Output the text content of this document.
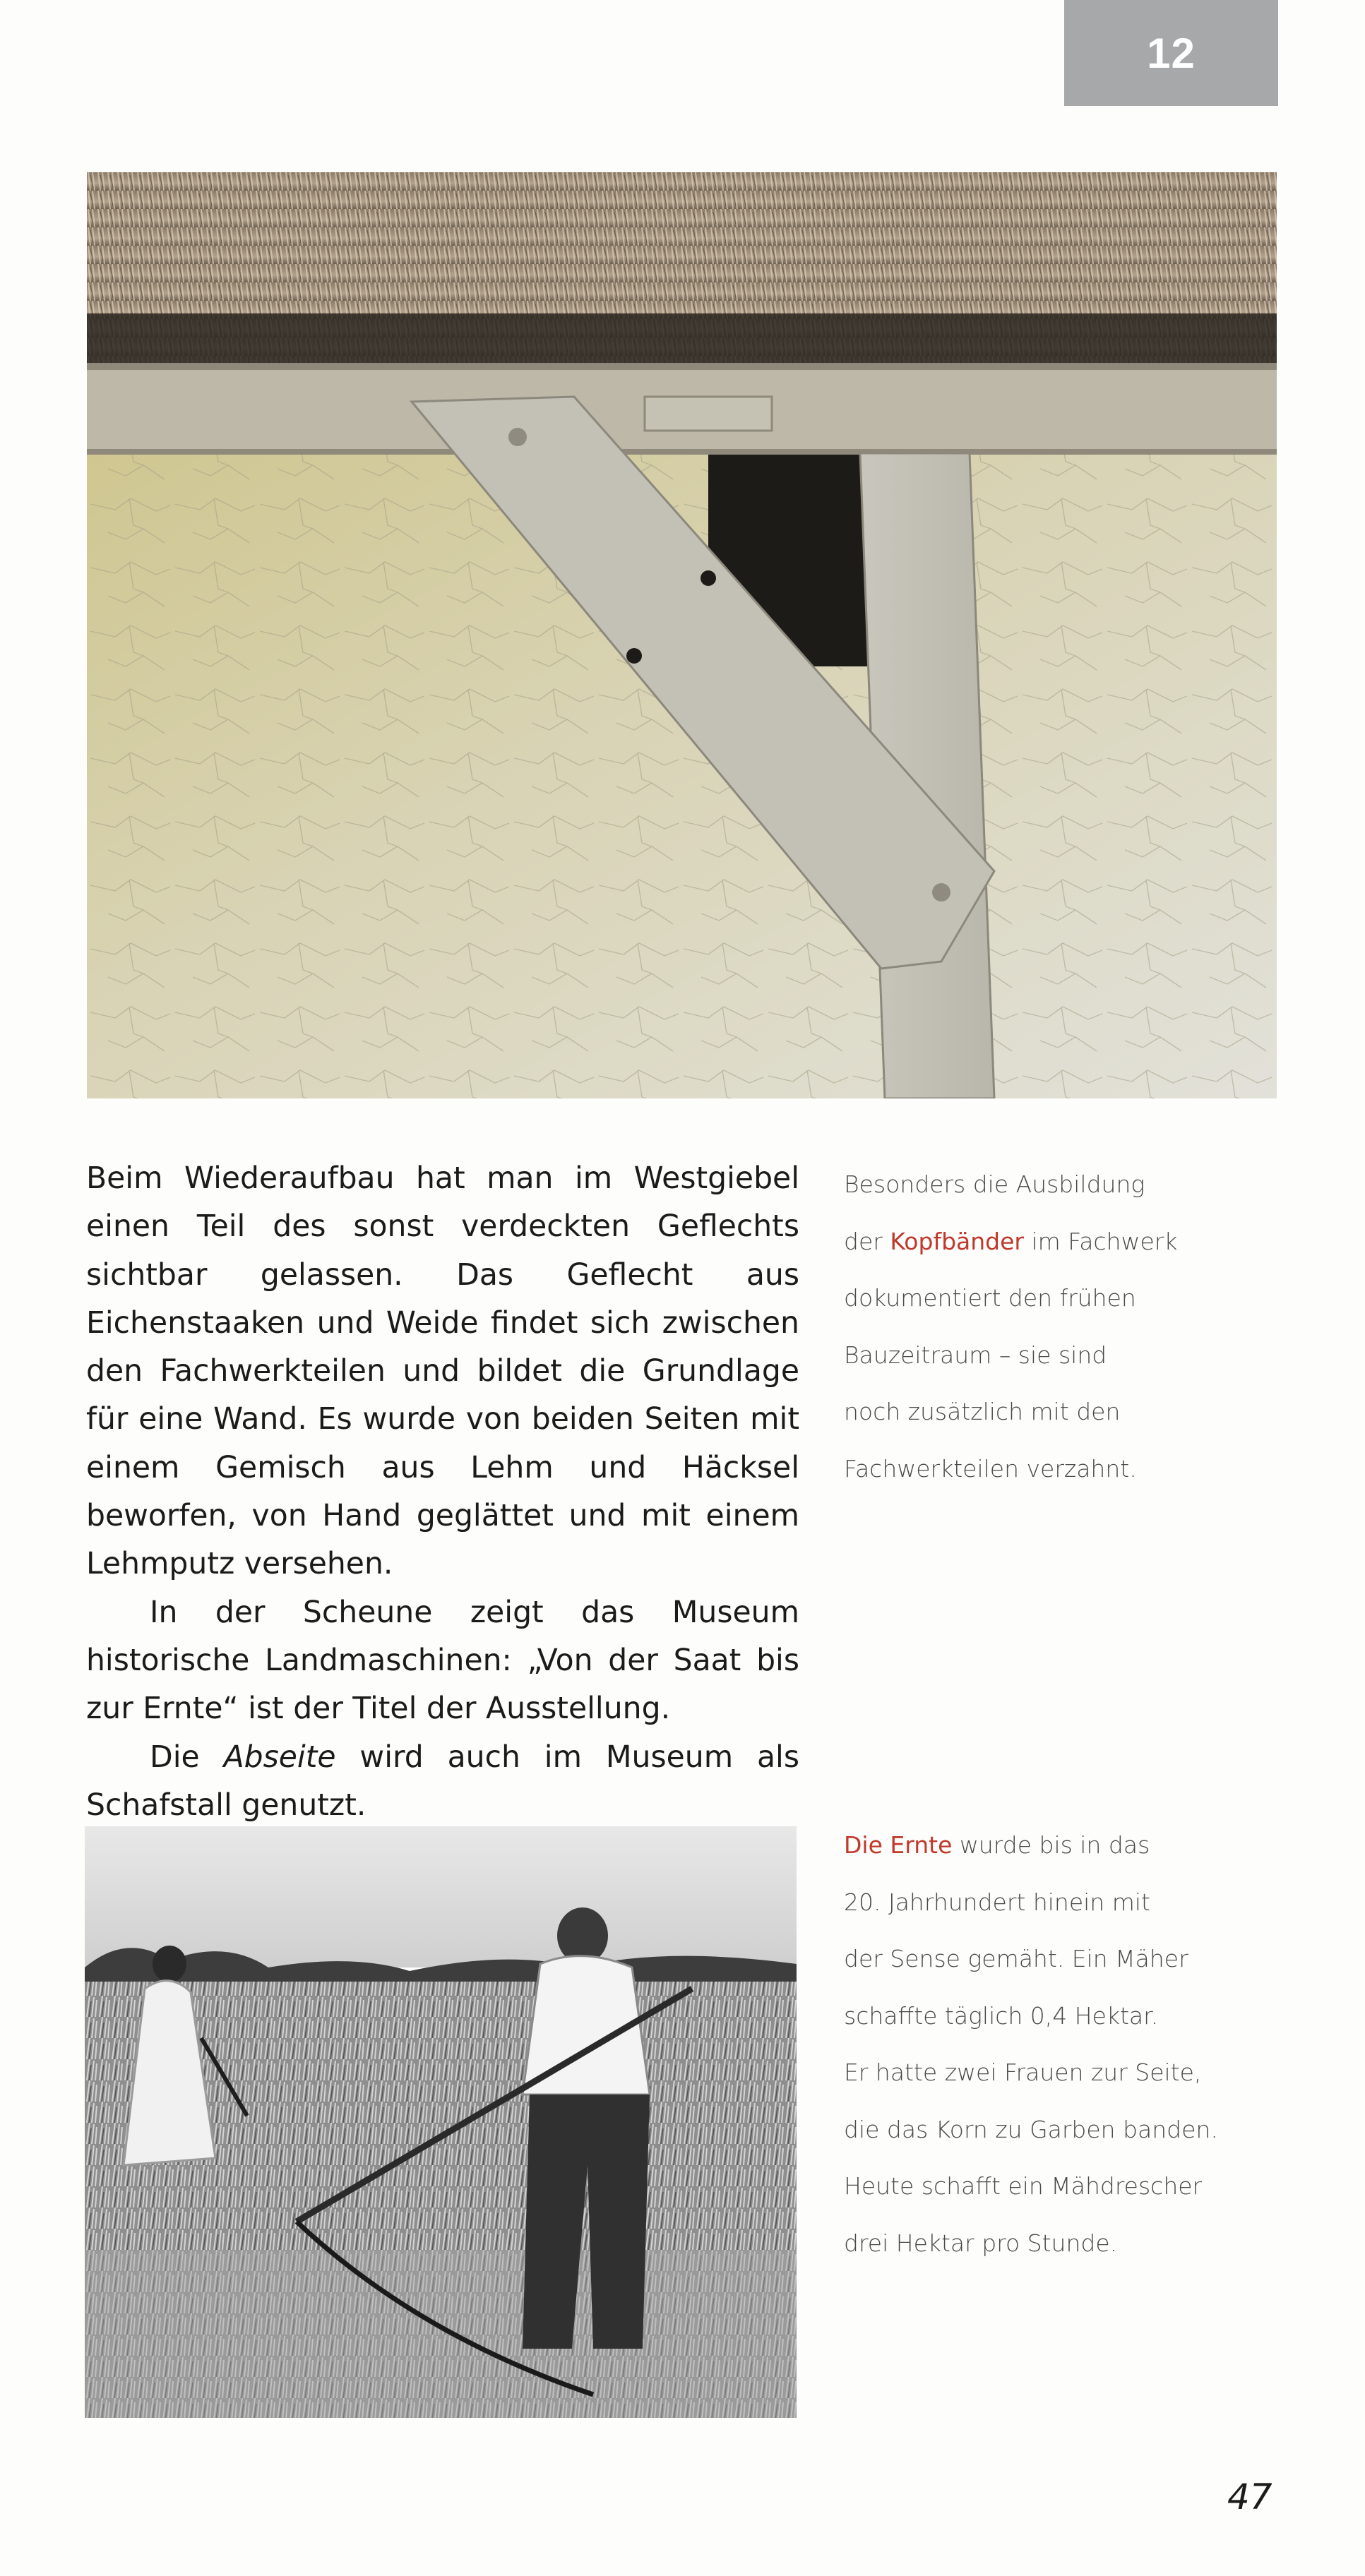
12

Beim Wiederaufbau hat man im Westgiebel einen Teil des sonst verdeckten Geflechts sichtbar gelassen. Das Geflecht aus Eichenstaaken und Weide findet sich zwischen den Fachwerkteilen und bildet die Grundlage für eine Wand. Es wurde von beiden Seiten mit einem Gemisch aus Lehm und Häcksel beworfen, von Hand geglättet und mit einem Lehmputz versehen.

In der Scheune zeigt das Museum historische Landmaschinen: „Von der Saat bis zur Ernte“ ist der Titel der Ausstellung.

Die Abseite wird auch im Museum als Schafstall genutzt.

Besonders die Ausbildung
der Kopfbänder im Fachwerk
dokumentiert den frühen
Bauzeitraum – sie sind
noch zusätzlich mit den
Fachwerkteilen verzahnt.
Die Ernte wurde bis in das
20. Jahrhundert hinein mit
der Sense gemäht. Ein Mäher
schaffte täglich 0,4 Hektar.
Er hatte zwei Frauen zur Seite,
die das Korn zu Garben banden.
Heute schafft ein Mähdrescher
drei Hektar pro Stunde.
47
